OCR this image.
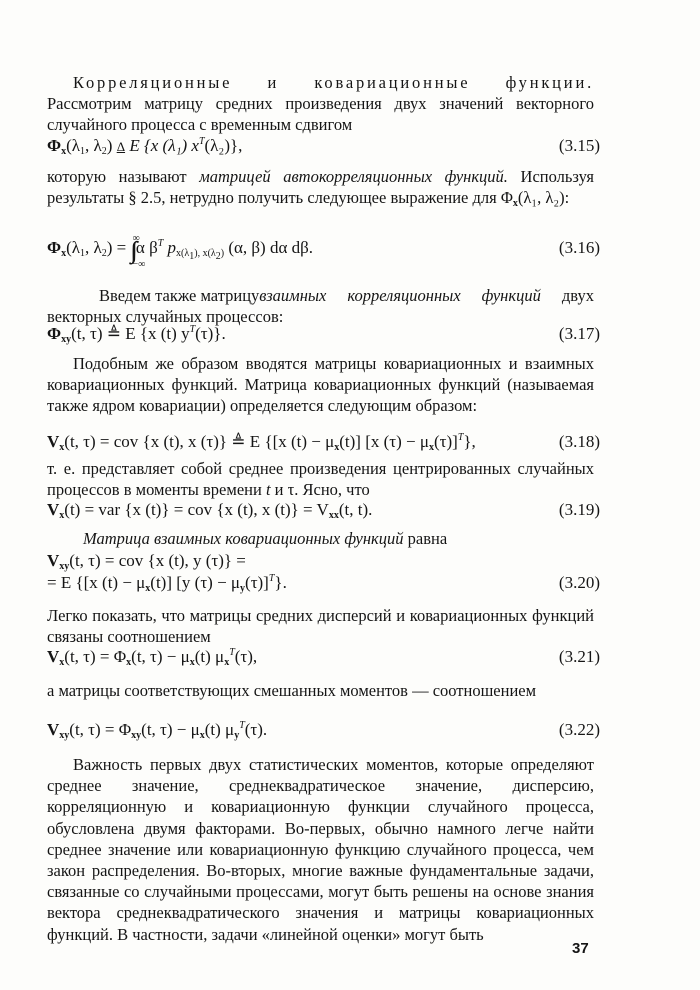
Корреляционные и ковариационные функции. Рассмотрим матрицу средних произведения двух значений векторного случайного процесса с временным сдвигом

$\Phi_x(\lambda_1$, $\lambda_2$) Δ E {x (λ₁) $x^T(\lambda_2)$},	(3.15)

которую называют матрицей автокорреляционных функций. Используя результаты § 2.5, нетрудно получить следующее выражение для $\Phi_x(\lambda_1$, λ₂):

$\Phi_x(\lambda_1$, $\lambda_2$) = ∫∫ ∞
−∞
α $\beta^T$ $p_{x(\lambda_1), x(\lambda_2)}$ (α, β) dα dβ.	(3.16)

Введем также матрицувзаимных корреляционных функций двух векторных случайных процессов:

$\Phi_{xy}(t$, τ) ≜ E {x (t) $y^T(\tau)$}.	(3.17)

Подобным же образом вводятся матрицы ковариационных и взаимных ковариационных функций. Матрица ковариационных функций (называемая также ядром ковариации) определяется следующим образом:

$V_x(t$, τ) = cov {x (t), x (τ)} ≜ E {[x $(t) - \mu_x(t)$] [x $(\tau) - \mu_x(\tau)]^T$},	(3.18)

т. е. представляет собой среднее произведения центрированных случайных процессов в моменты времени t и τ. Ясно, что

$V_x(t)$ = var {x (t)} = cov {x (t), x $(t)\} = V_{xx}(t$, t).	(3.19)

Матрица взаимных ковариационных функций равна

$V_{xy}(t$, τ) = cov {x (t), y (τ)} =
= E {[x $(t) - \mu_x(t)$] [y $(\tau) - \mu_y(\tau)]^T$}.	(3.20)

Легко показать, что матрицы средних дисперсий и ковариационных функций связаны соотношением

$V_x(t$, $\tau) = \Phi_x(t$, $\tau) - \mu_x(t)$ $\mu_x^T(\tau)$,	(3.21)

а матрицы соответствующих смешанных моментов — соотношением

$V_{xy}(t$, $\tau) = \Phi_{xy}(t$, $\tau) - \mu_x(t)$ $\mu_y^T(\tau)$.	(3.22)

Важность первых двух статистических моментов, которые определяют среднее значение, среднеквадратическое значение, дисперсию, корреляционную и ковариационную функции случайного процесса, обусловлена двумя факторами. Во-первых, обычно намного легче найти среднее значение или ковариационную функцию случайного процесса, чем закон распределения. Во-вторых, многие важные фундаментальные задачи, связанные со случайными процессами, могут быть решены на основе знания вектора среднеквадратического значения и матрицы ковариационных функций. В частности, задачи «линейной оценки» могут быть

37
